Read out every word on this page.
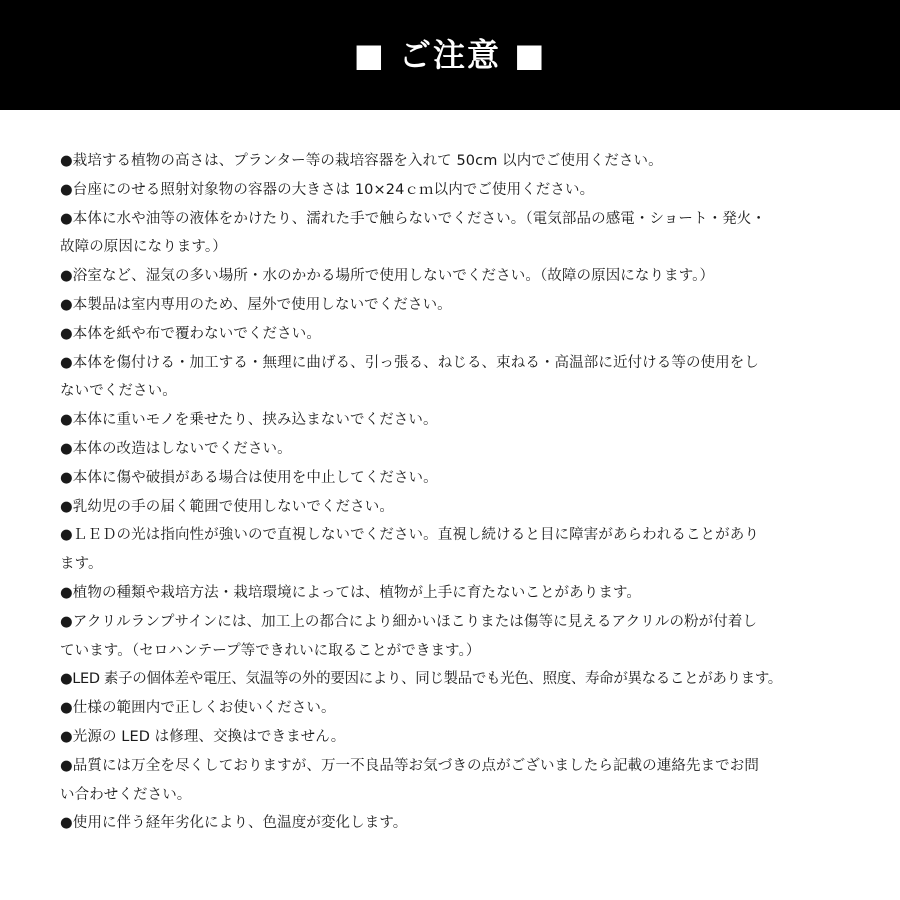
■ ご注意 ■
●栽培する植物の高さは、プランター等の栽培容器を入れて 50cm 以内でご使用ください。
●台座にのせる照射対象物の容器の大きさは 10×24ｃｍ以内でご使用ください。
●本体に水や油等の液体をかけたり、濡れた手で触らないでください。（電気部品の感電・ショート・発火・
故障の原因になります。）
●浴室など、湿気の多い場所・水のかかる場所で使用しないでください。（故障の原因になります。）
●本製品は室内専用のため、屋外で使用しないでください。
●本体を紙や布で覆わないでください。
●本体を傷付ける・加工する・無理に曲げる、引っ張る、ねじる、束ねる・高温部に近付ける等の使用をし
ないでください。
●本体に重いモノを乗せたり、挟み込まないでください。
●本体の改造はしないでください。
●本体に傷や破損がある場合は使用を中止してください。
●乳幼児の手の届く範囲で使用しないでください。
●ＬＥＤの光は指向性が強いので直視しないでください。直視し続けると目に障害があらわれることがあり
ます。
●植物の種類や栽培方法・栽培環境によっては、植物が上手に育たないことがあります。
●アクリルランプサインには、加工上の都合により細かいほこりまたは傷等に見えるアクリルの粉が付着し
ています。（セロハンテープ等できれいに取ることができます。）
●LED 素子の個体差や電圧、気温等の外的要因により、同じ製品でも光色、照度、寿命が異なることがあります。
●仕様の範囲内で正しくお使いください。
●光源の LED は修理、交換はできません。
●品質には万全を尽くしておりますが、万一不良品等お気づきの点がございましたら記載の連絡先までお問
い合わせください。
●使用に伴う経年劣化により、色温度が変化します。
